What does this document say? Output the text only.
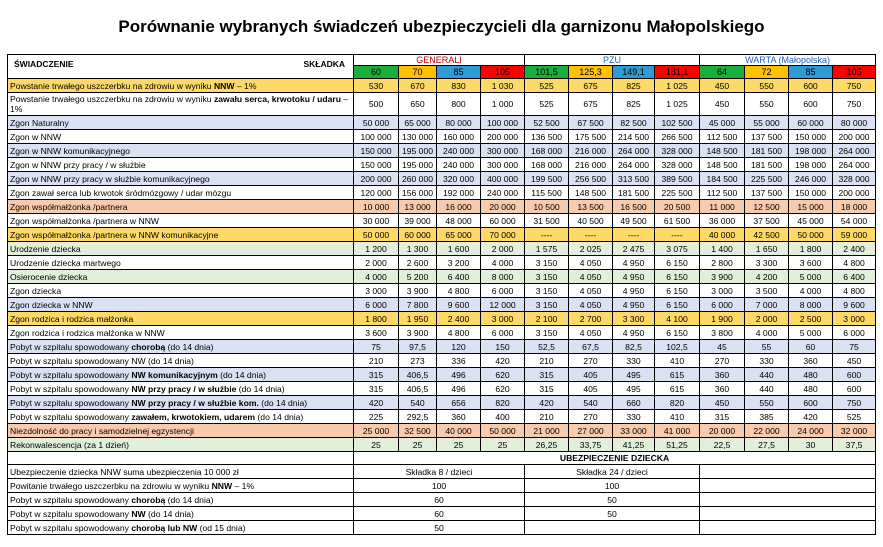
Porównanie wybranych świadczeń ubezpieczycieli dla garnizonu Małopolskiego
ŚWIADCZENIE SKŁADKA	GENERALI				PZU				WARTA (Małopolska)			
	60	70	85	105	101,5	125,3	149,1	181,1	64	72	85	105
Powstanie trwałego uszczerbku na zdrowiu w wyniku NNW – 1%	530	670	830	1 030	525	675	825	1 025	450	550	600	750
Powstanie trwałego uszczerbku na zdrowiu w wyniku zawału serca, krwotoku / udaru – 1%	500	650	800	1 000	525	675	825	1 025	450	550	600	750
Zgon Naturalny	50 000	65 000	80 000	100 000	52 500	67 500	82 500	102 500	45 000	55 000	60 000	80 000
Zgon w NNW	100 000	130 000	160 000	200 000	136 500	175 500	214 500	266 500	112 500	137 500	150 000	200 000
Zgon w NNW komunikacyjnego	150 000	195 000	240 000	300 000	168 000	216 000	264 000	328 000	148 500	181 500	198 000	264 000
Zgon w NNW przy pracy / w służbie	150 000	195 000	240 000	300 000	168 000	216 000	264 000	328 000	148 500	181 500	198 000	264 000
Zgon w NNW przy pracy w służbie komunikacyjnego	200 000	260 000	320 000	400 000	199 500	256 500	313 500	389 500	184 500	225 500	246 000	328 000
Zgon zawał serca lub krwotok śródmózgowy / udar mózgu	120 000	156 000	192 000	240 000	115 500	148 500	181 500	225 500	112 500	137 500	150 000	200 000
Zgon współmałżonka /partnera	10 000	13 000	16 000	20 000	10 500	13 500	16 500	20 500	11 000	12 500	15 000	18 000
Zgon współmałżonka /partnera w NNW	30 000	39 000	48 000	60 000	31 500	40 500	49 500	61 500	36 000	37 500	45 000	54 000
Zgon współmałżonka /partnera w NNW komunikacyjne	50 000	60 000	65 000	70 000	----	----	----	----	40 000	42 500	50 000	59 000
Urodzenie dziecka	1 200	1 300	1 600	2 000	1 575	2 025	2 475	3 075	1 400	1 650	1 800	2 400
Urodzenie dziecka martwego	2 000	2 600	3 200	4 000	3 150	4 050	4 950	6 150	2 800	3 300	3 600	4 800
Osierocenie dziecka	4 000	5 200	6 400	8 000	3 150	4 050	4 950	6 150	3 900	4 200	5 000	6 400
Zgon dziecka	3 000	3 900	4 800	6 000	3 150	4 050	4 950	6 150	3 000	3 500	4 000	4 800
Zgon dziecka w NNW	6 000	7 800	9 600	12 000	3 150	4 050	4 950	6 150	6 000	7 000	8 000	9 600
Zgon rodzica i rodzica małżonka	1 800	1 950	2 400	3 000	2 100	2 700	3 300	4 100	1 900	2 000	2 500	3 000
Zgon rodzica i rodzica małżonka w NNW	3 600	3 900	4 800	6 000	3 150	4 050	4 950	6 150	3 800	4 000	5 000	6 000
Pobyt w szpitalu spowodowany chorobą (do 14 dnia)	75	97,5	120	150	52,5	67,5	82,5	102,5	45	55	60	75
Pobyt w szpitalu spowodowany NW (do 14 dnia)	210	273	336	420	210	270	330	410	270	330	360	450
Pobyt w szpitalu spowodowany NW komunikacyjnym (do 14 dnia)	315	406,5	496	620	315	405	495	615	360	440	480	600
Pobyt w szpitalu spowodowany NW przy pracy / w służbie (do 14 dnia)	315	406,5	496	620	315	405	495	615	360	440	480	600
Pobyt w szpitalu spowodowany NW przy pracy / w służbie kom. (do 14 dnia)	420	540	656	820	420	540	660	820	450	550	600	750
Pobyt w szpitalu spowodowany zawałem, krwotokiem, udarem (do 14 dnia)	225	292,5	360	400	210	270	330	410	315	385	420	525
Niezdolność do pracy i samodzielnej egzystencji	25 000	32 500	40 000	50 000	21 000	27 000	33 000	41 000	20 000	22 000	24 000	32 000
Rekonwalescencja (za 1 dzień)	25	25	25	25	26,25	33,75	41,25	51,25	22,5	27,5	30	37,5
	UBEZPIECZENIE DZIECKA											
Ubezpieczenie dziecka NNW suma ubezpieczenia 10 000 zł	Składka 8 / dzieci				Składka 24 / dzieci							
Powitanie trwałego uszczerbku na zdrowiu w wyniku NNW – 1%	100				100							
Pobyt w szpitalu spowodowany chorobą (do 14 dnia)	60				50							
Pobyt w szpitalu spowodowany NW (do 14 dnia)	60				50							
Pobyt w szpitalu spowodowany chorobą lub NW (od 15 dnia)	50											
